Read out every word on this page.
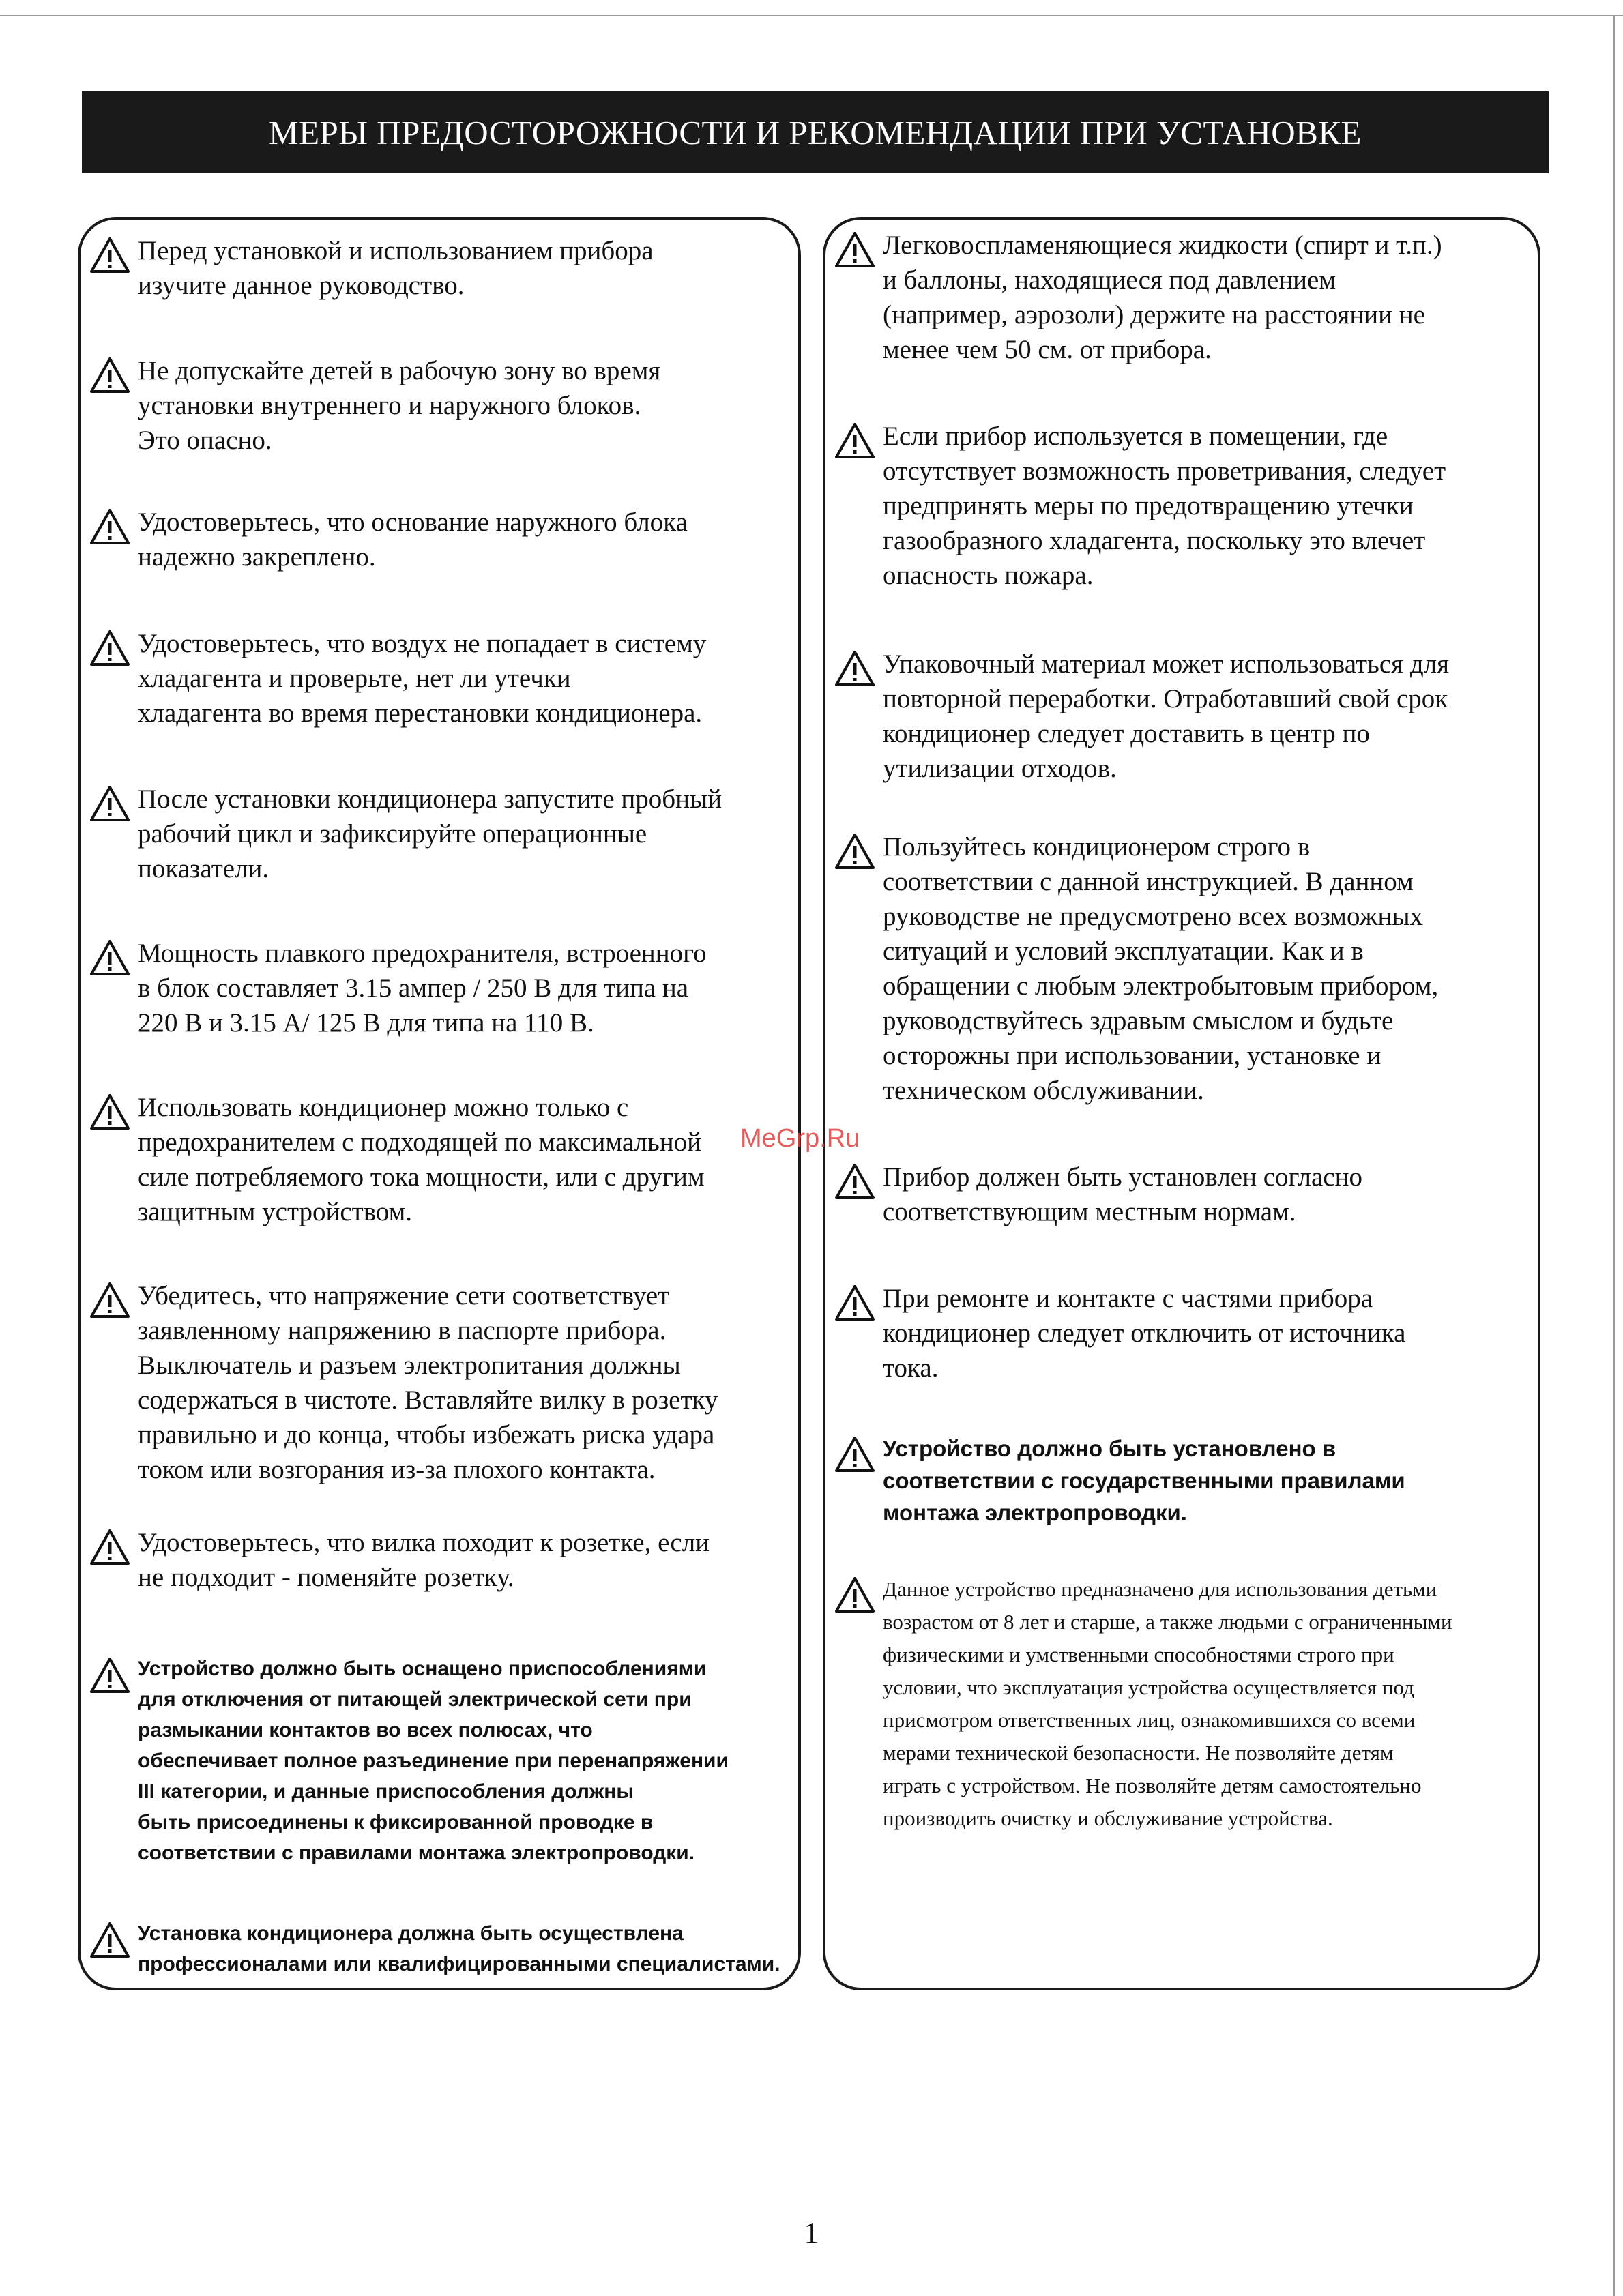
МЕРЫ ПРЕДОСТОРОЖНОСТИ И РЕКОМЕНДАЦИИ ПРИ УСТАНОВКЕ
Перед установкой и использованием прибора
изучите данное руководство.
Не допускайте детей в рабочую зону во время
установки внутреннего и наружного блоков.
Это опасно.
Удостоверьтесь, что основание наружного блока
надежно закреплено.
Удостоверьтесь, что воздух не попадает в систему
хладагента и проверьте, нет ли утечки
хладагента во время перестановки кондиционера.
После установки кондиционера запустите пробный
рабочий цикл и зафиксируйте операционные
показатели.
Мощность плавкого предохранителя, встроенного
в блок составляет 3.15 ампер / 250 В для типа на
220 В и 3.15 А/ 125 В для типа на 110 В.
Использовать кондиционер можно только с
предохранителем с подходящей по максимальной
силе потребляемого тока мощности, или с другим
защитным устройством.
Убедитесь, что напряжение сети соответствует
заявленному напряжению в паспорте прибора.
Выключатель и разъем электропитания должны
содержаться в чистоте. Вставляйте вилку в розетку
правильно и до конца, чтобы избежать риска удара
током или возгорания из-за плохого контакта.
Удостоверьтесь, что вилка походит к розетке, если
не подходит - поменяйте розетку.
Устройство должно быть оснащено приспособлениями
для отключения от питающей электрической сети при
размыкании контактов во всех полюсах, что
обеспечивает полное разъединение при перенапряжении
III категории, и данные приспособления должны
быть присоединены к фиксированной проводке в
соответствии с правилами монтажа электропроводки.
Установка кондиционера должна быть осуществлена
профессионалами или квалифицированными специалистами.
Легковоспламеняющиеся жидкости (спирт и т.п.)
и баллоны, находящиеся под давлением
(например, аэрозоли) держите на расстоянии не
менее чем 50 см. от прибора.
Если прибор используется в помещении, где
отсутствует возможность проветривания, следует
предпринять меры по предотвращению утечки
газообразного хладагента, поскольку это влечет
опасность пожара.
Упаковочный материал может использоваться для
повторной переработки. Отработавший свой срок
кондиционер следует доставить в центр по
утилизации отходов.
Пользуйтесь кондиционером строго в
соответствии с данной инструкцией. В данном
руководстве не предусмотрено всех возможных
ситуаций и условий эксплуатации. Как и в
обращении с любым электробытовым прибором,
руководствуйтесь здравым смыслом и будьте
осторожны при использовании, установке и
техническом обслуживании.
Прибор должен быть установлен согласно
соответствующим местным нормам.
При ремонте и контакте с частями прибора
кондиционер следует отключить от источника
тока.
Устройство должно быть установлено в
соответствии с государственными правилами
монтажа электропроводки.
Данное устройство предназначено для использования детьми
возрастом от 8 лет и старше, а также людьми с ограниченными
физическими и умственными способностями строго при
условии, что эксплуатация устройства осуществляется под
присмотром ответственных лиц, ознакомившихся со всеми
мерами технической безопасности. Не позволяйте детям
играть с устройством. Не позволяйте детям самостоятельно
производить очистку и обслуживание устройства.
MeGrp.Ru
1
